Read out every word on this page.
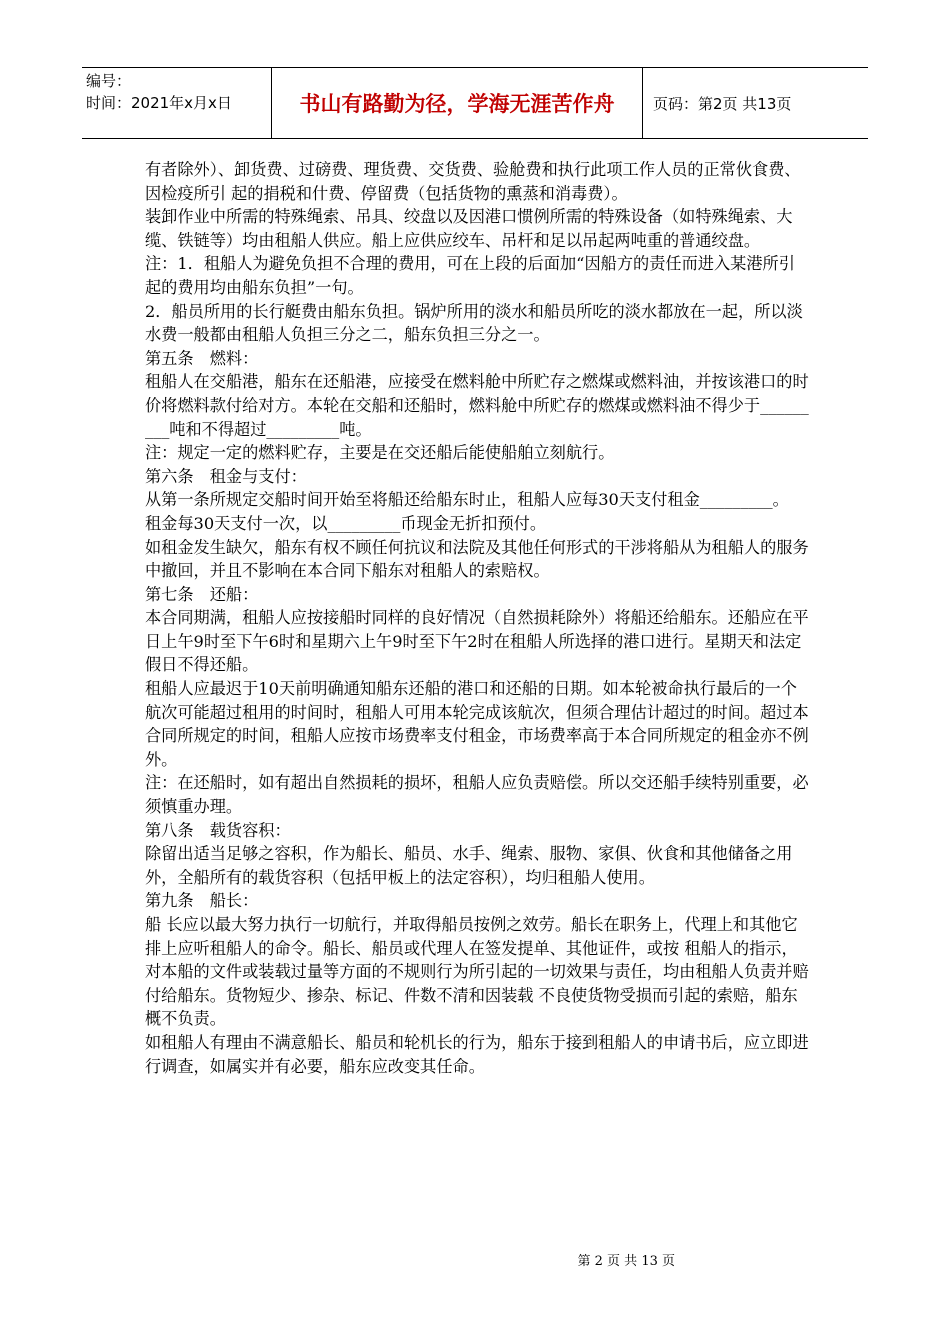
编号：
时间：2021年x月x日	书山有路勤为径，学海无涯苦作舟	页码：第2页 共13页

有者除外）、卸货费、过磅费、理货费、交货费、验舱费和执行此项工作人员的正常伙食费、因检疫所引 起的捐税和什费、停留费（包括货物的熏蒸和消毒费）。

装卸作业中所需的特殊绳索、吊具、绞盘以及因港口惯例所需的特殊设备（如特殊绳索、大缆、铁链等）均由租船人供应。船上应供应绞车、吊杆和足以吊起两吨重的普通绞盘。

注：1．租船人为避免负担不合理的费用，可在上段的后面加“因船方的责任而进入某港所引起的费用均由船东负担”一句。

2．船员所用的长行艇费由船东负担。锅炉所用的淡水和船员所吃的淡水都放在一起，所以淡水费一般都由租船人负担三分之二，船东负担三分之一。

第五条　燃料：

租船人在交船港，船东在还船港，应接受在燃料舱中所贮存之燃煤或燃料油，并按该港口的时价将燃料款付给对方。本轮在交船和还船时，燃料舱中所贮存的燃煤或燃料油不得少于_________吨和不得超过_________吨。

注：规定一定的燃料贮存，主要是在交还船后能使船舶立刻航行。

第六条　租金与支付：

从第一条所规定交船时间开始至将船还给船东时止，租船人应每30天支付租金_________。

租金每30天支付一次，以_________币现金无折扣预付。

如租金发生缺欠，船东有权不顾任何抗议和法院及其他任何形式的干涉将船从为租船人的服务中撤回，并且不影响在本合同下船东对租船人的索赔权。

第七条　还船：

本合同期满，租船人应按接船时同样的良好情况（自然损耗除外）将船还给船东。还船应在平日上午9时至下午6时和星期六上午9时至下午2时在租船人所选择的港口进行。星期天和法定假日不得还船。

租船人应最迟于10天前明确通知船东还船的港口和还船的日期。如本轮被命执行最后的一个航次可能超过租用的时间时，租船人可用本轮完成该航次，但须合理估计超过的时间。超过本合同所规定的时间，租船人应按市场费率支付租金，市场费率高于本合同所规定的租金亦不例外。

注：在还船时，如有超出自然损耗的损坏，租船人应负责赔偿。所以交还船手续特别重要，必须慎重办理。

第八条　载货容积：

除留出适当足够之容积，作为船长、船员、水手、绳索、服物、家俱、伙食和其他储备之用外，全船所有的载货容积（包括甲板上的法定容积），均归租船人使用。

第九条　船长：

船 长应以最大努力执行一切航行，并取得船员按例之效劳。船长在职务上，代理上和其他它排上应听租船人的命令。船长、船员或代理人在签发提单、其他证件，或按 租船人的指示，对本船的文件或装载过量等方面的不规则行为所引起的一切效果与责任，均由租船人负责并赔付给船东。货物短少、掺杂、标记、件数不清和因装载 不良使货物受损而引起的索赔，船东概不负责。

如租船人有理由不满意船长、船员和轮机长的行为，船东于接到租船人的申请书后，应立即进行调查，如属实并有必要，船东应改变其任命。

第 2 页 共 13 页
